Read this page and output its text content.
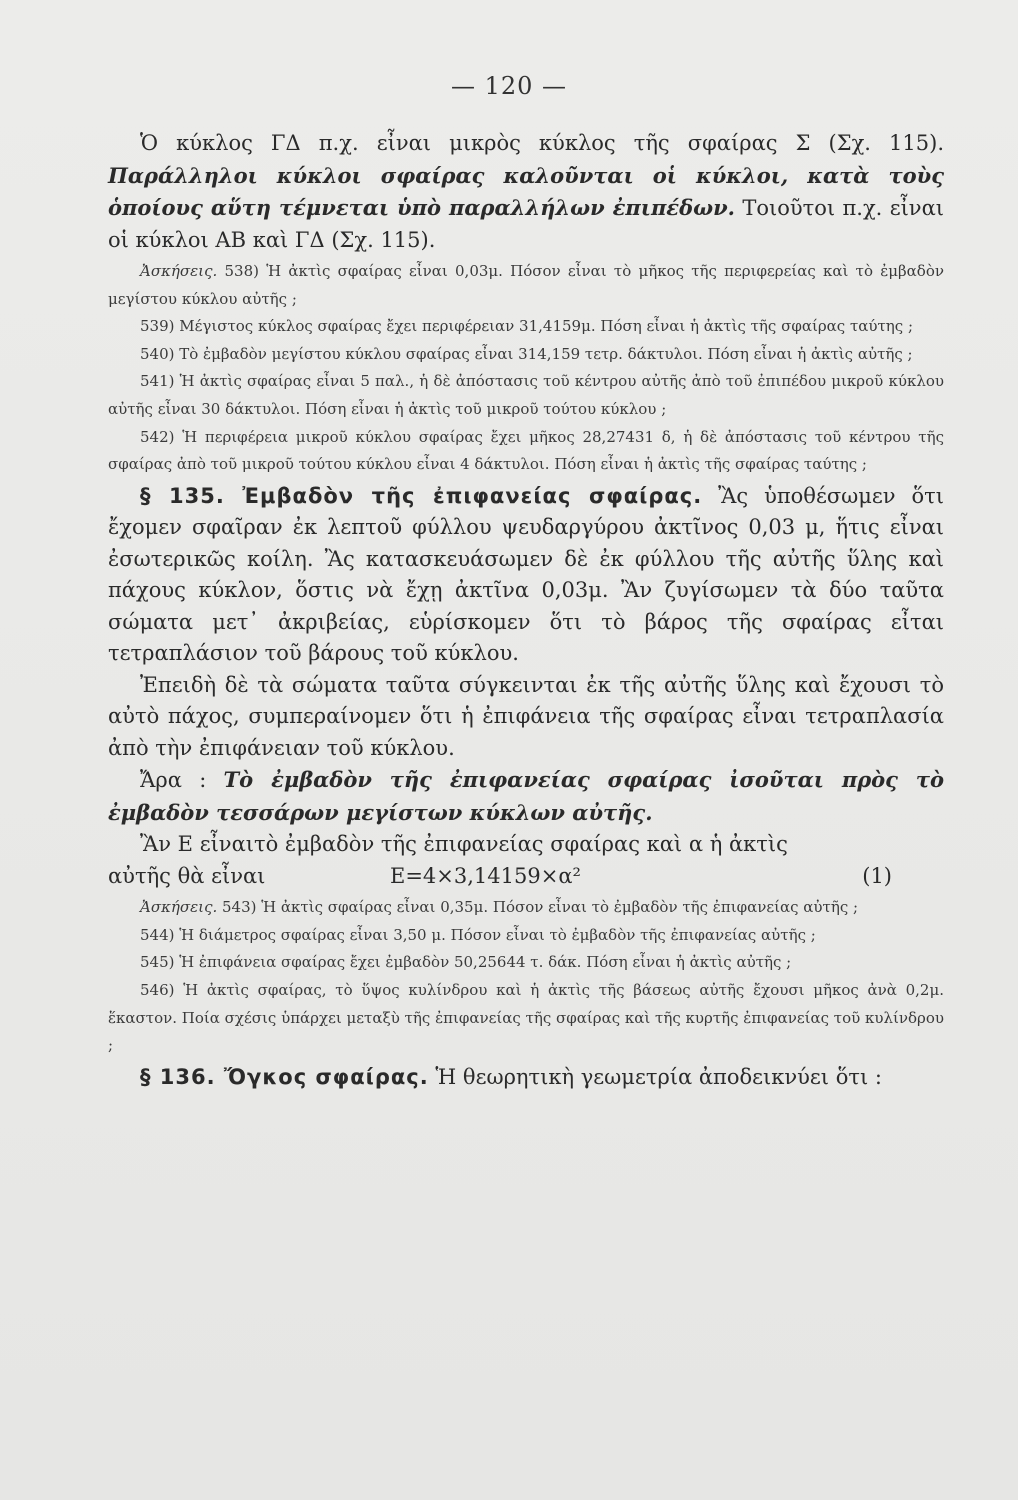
— 120 —

Ὁ κύκλος ΓΔ π.χ. εἶναι μικρὸς κύκλος τῆς σφαίρας Σ (Σχ. 115). Παράλληλοι κύκλοι σφαίρας καλοῦνται οἱ κύκλοι, κατὰ τοὺς ὁποίους αὕτη τέμνεται ὑπὸ παραλλήλων ἐπιπέδων. Τοιοῦτοι π.χ. εἶναι οἱ κύκλοι ΑΒ καὶ ΓΔ (Σχ. 115).

Ἀσκήσεις. 538) Ἡ ἀκτὶς σφαίρας εἶναι 0,03μ. Πόσον εἶναι τὸ μῆκος τῆς περιφερείας καὶ τὸ ἐμβαδὸν μεγίστου κύκλου αὐτῆς ;

539) Μέγιστος κύκλος σφαίρας ἔχει περιφέρειαν 31,4159μ. Πόση εἶναι ἡ ἀκτὶς τῆς σφαίρας ταύτης ;

540) Τὸ ἐμβαδὸν μεγίστου κύκλου σφαίρας εἶναι 314,159 τετρ. δάκτυλοι. Πόση εἶναι ἡ ἀκτὶς αὐτῆς ;

541) Ἡ ἀκτὶς σφαίρας εἶναι 5 παλ., ἡ δὲ ἀπόστασις τοῦ κέντρου αὐτῆς ἀπὸ τοῦ ἐπιπέδου μικροῦ κύκλου αὐτῆς εἶναι 30 δάκτυλοι. Πόση εἶναι ἡ ἀκτὶς τοῦ μικροῦ τούτου κύκλου ;

542) Ἡ περιφέρεια μικροῦ κύκλου σφαίρας ἔχει μῆκος 28,27431 δ, ἡ δὲ ἀπόστασις τοῦ κέντρου τῆς σφαίρας ἀπὸ τοῦ μικροῦ τούτου κύκλου εἶναι 4 δάκτυλοι. Πόση εἶναι ἡ ἀκτὶς τῆς σφαίρας ταύτης ;

§ 135. Ἐμβαδὸν τῆς ἐπιφανείας σφαίρας. Ἂς ὑποθέσωμεν ὅτι ἔχομεν σφαῖραν ἐκ λεπτοῦ φύλλου ψευδαργύρου ἀκτῖνος 0,03 μ, ἥτις εἶναι ἐσωτερικῶς κοίλη. Ἂς κατασκευάσωμεν δὲ ἐκ φύλλου τῆς αὐτῆς ὕλης καὶ πάχους κύκλον, ὅστις νὰ ἔχῃ ἀκτῖνα 0,03μ. Ἂν ζυγίσωμεν τὰ δύο ταῦτα σώματα μετ᾽ ἀκριβείας, εὑρίσκομεν ὅτι τὸ βάρος τῆς σφαίρας εἶται τετραπλάσιον τοῦ βάρους τοῦ κύκλου.

Ἐπειδὴ δὲ τὰ σώματα ταῦτα σύγκεινται ἐκ τῆς αὐτῆς ὕλης καὶ ἔχουσι τὸ αὐτὸ πάχος, συμπεραίνομεν ὅτι ἡ ἐπιφάνεια τῆς σφαίρας εἶναι τετραπλασία ἀπὸ τὴν ἐπιφάνειαν τοῦ κύκλου.

Ἄρα : Τὸ ἐμβαδὸν τῆς ἐπιφανείας σφαίρας ἰσοῦται πρὸς τὸ ἐμβαδὸν τεσσάρων μεγίστων κύκλων αὐτῆς.

Ἂν Ε εἶναιτὸ ἐμβαδὸν τῆς ἐπιφανείας σφαίρας καὶ α ἡ ἀκτὶς

αὐτῆς θὰ εἶναι	Ε=4×3,14159×α²	(1)

Ἀσκήσεις. 543) Ἡ ἀκτὶς σφαίρας εἶναι 0,35μ. Πόσον εἶναι τὸ ἐμβαδὸν τῆς ἐπιφανείας αὐτῆς ;

544) Ἡ διάμετρος σφαίρας εἶναι 3,50 μ. Πόσον εἶναι τὸ ἐμβαδὸν τῆς ἐπιφανείας αὐτῆς ;

545) Ἡ ἐπιφάνεια σφαίρας ἔχει ἐμβαδὸν 50,25644 τ. δάκ. Πόση εἶναι ἡ ἀκτὶς αὐτῆς ;

546) Ἡ ἀκτὶς σφαίρας, τὸ ὕψος κυλίνδρου καὶ ἡ ἀκτὶς τῆς βάσεως αὐτῆς ἔχουσι μῆκος ἀνὰ 0,2μ. ἕκαστον. Ποία σχέσις ὑπάρχει μεταξὺ τῆς ἐπιφανείας τῆς σφαίρας καὶ τῆς κυρτῆς ἐπιφανείας τοῦ κυλίνδρου ;

§ 136. Ὄγκος σφαίρας. Ἡ θεωρητικὴ γεωμετρία ἀποδεικνύει ὅτι :
